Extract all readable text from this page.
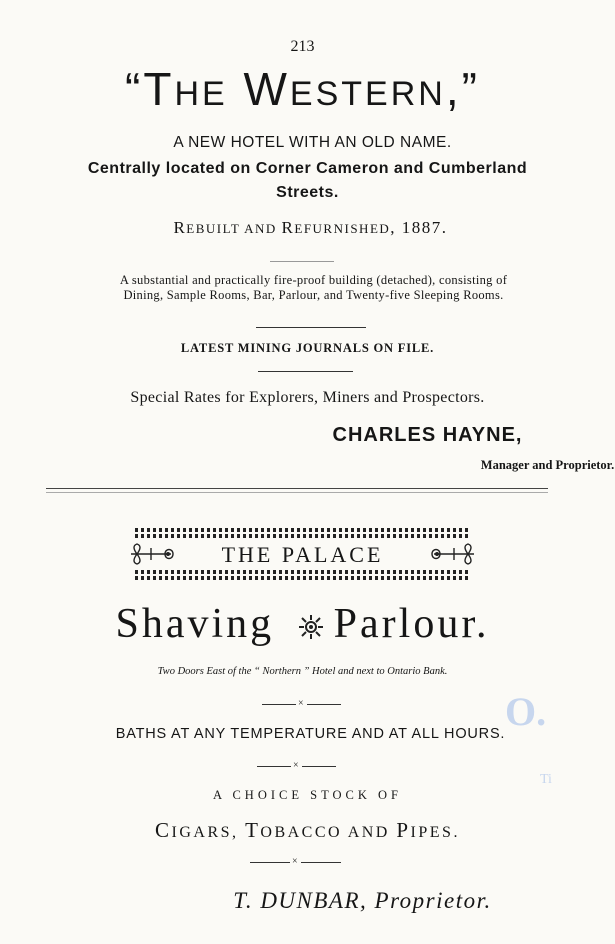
213
“THE WESTERN,”
A NEW HOTEL WITH AN OLD NAME.
Centrally located on Corner Cameron and Cumberland
Streets.
REBUILT AND REFURNISHED, 1887.
A substantial and practically fire-proof building (detached), consisting of
Dining, Sample Rooms, Bar, Parlour, and Twenty-five Sleeping Rooms.
LATEST MINING JOURNALS ON FILE.
Special Rates for Explorers, Miners and Prospectors.
CHARLES HAYNE,
Manager and Proprietor.
THE PALACE
Shaving Parlour.
Two Doors East of the “ Northern ” Hotel and next to Ontario Bank.
×
BATHS AT ANY TEMPERATURE AND AT ALL HOURS.
×
A CHOICE STOCK OF
CIGARS, TOBACCO AND PIPES.
×
T. DUNBAR, Proprietor.
O.
Ti
